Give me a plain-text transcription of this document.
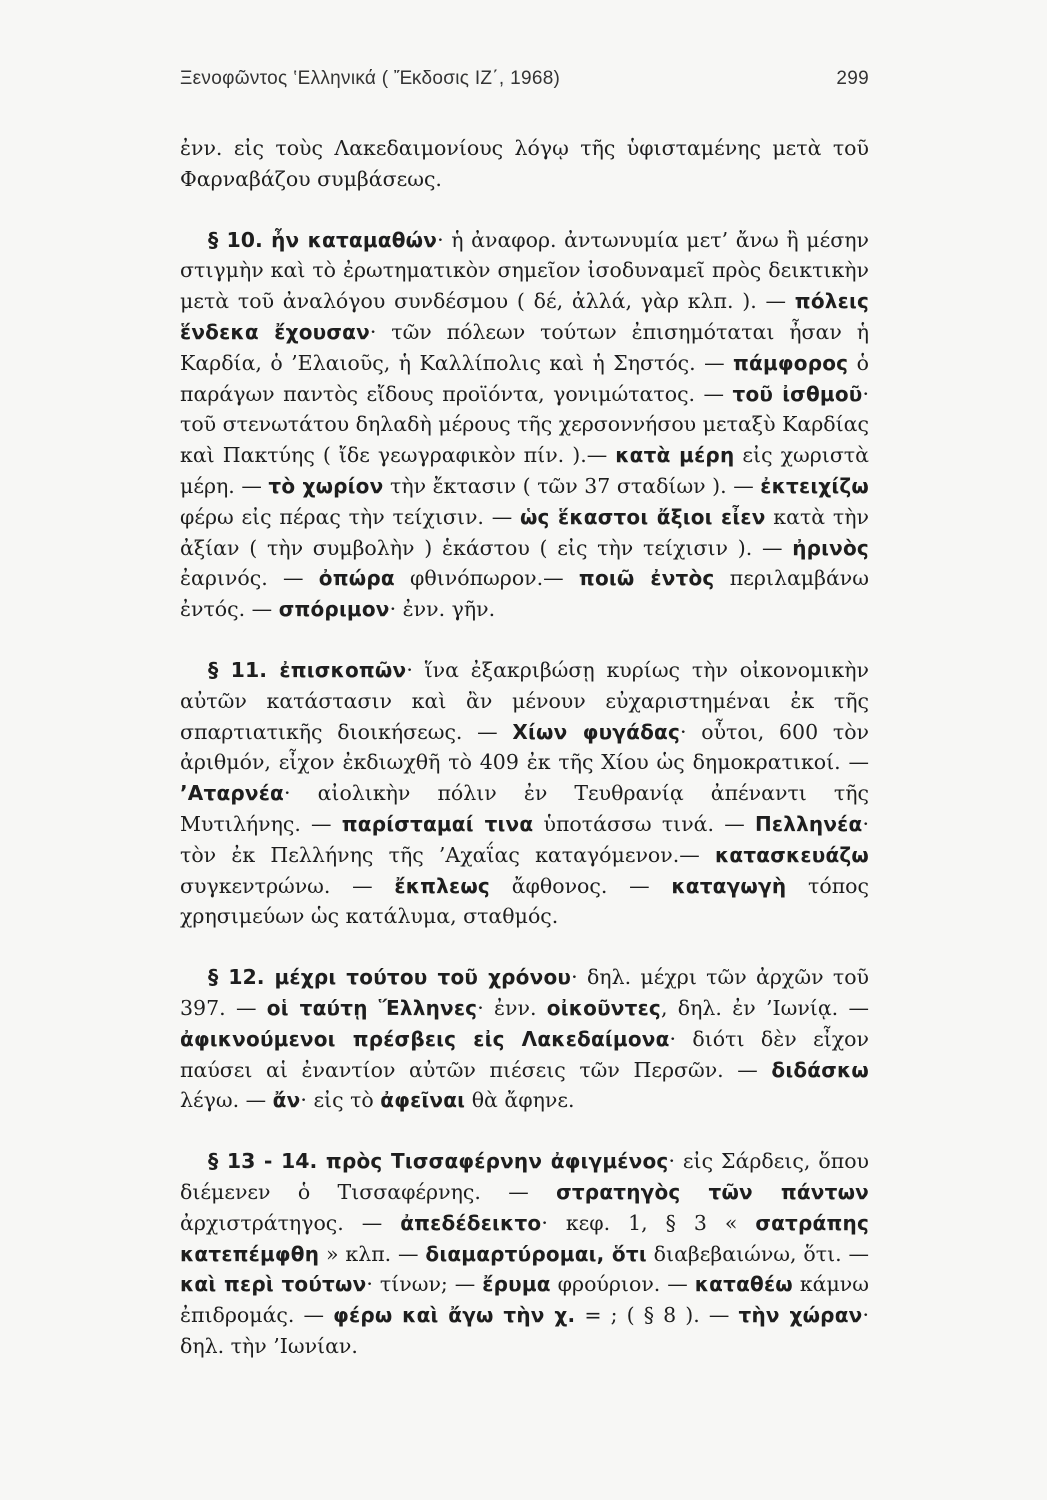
Ξενοφῶντος ‛Ελληνικά ( Ἔκδοσις ΙΖ΄, 1968)	299

ἐνν. εἰς τοὺς Λακεδαιμονίους λόγῳ τῆς ὑφισταμένης μετὰ τοῦ Φαρναβάζου συμβάσεως.

§ 10. ἦν καταμαθών· ἡ ἀναφορ. ἀντωνυμία μετ’ ἄνω ἢ μέσην στιγμὴν καὶ τὸ ἐρωτηματικὸν σημεῖον ἰσοδυναμεῖ πρὸς δεικτικὴν μετὰ τοῦ ἀναλόγου συνδέσμου ( δέ, ἀλλά, γὰρ κλπ. ). — πόλεις ἕνδεκα ἔχουσαν· τῶν πόλεων τούτων ἐπισημόταται ἦσαν ἡ Καρδία, ὁ ’Ελαιοῦς, ἡ Καλλίπολις καὶ ἡ Σηστός. — πάμφορος ὁ παράγων παντὸς εἴδους προϊόντα, γονιμώτατος. — τοῦ ἰσθμοῦ· τοῦ στενωτάτου δηλαδὴ μέρους τῆς χερσοννήσου μεταξὺ Καρδίας καὶ Πακτύης ( ἴδε γεωγραφικὸν πίν. ).— κατὰ μέρη εἰς χωριστὰ μέρη. — τὸ χωρίον τὴν ἔκτασιν ( τῶν 37 σταδίων ). — ἐκτειχίζω φέρω εἰς πέρας τὴν τείχισιν. — ὡς ἕκαστοι ἄξιοι εἶεν κατὰ τὴν ἀξίαν ( τὴν συμβολὴν ) ἑκάστου ( εἰς τὴν τείχισιν ). — ἠρινὸς ἐαρινός. — ὀπώρα φθινόπωρον.— ποιῶ ἐντὸς περιλαμβάνω ἐντός. — σπόριμον· ἐνν. γῆν.

§ 11. ἐπισκοπῶν· ἵνα ἐξακριβώσῃ κυρίως τὴν οἰκονομικὴν αὐτῶν κατάστασιν καὶ ἂν μένουν εὐχαριστημέναι ἐκ τῆς σπαρτιατικῆς διοικήσεως. — Χίων φυγάδας· οὗτοι, 600 τὸν ἀριθμόν, εἶχον ἐκδιωχθῆ τὸ 409 ἐκ τῆς Χίου ὡς δημοκρατικοί. — ’Αταρνέα· αἰολικὴν πόλιν ἐν Τευθρανίᾳ ἀπέναντι τῆς Μυτιλήνης. — παρίσταμαί τινα ὑποτάσσω τινά. — Πελληνέα· τὸν ἐκ Πελλήνης τῆς ’Αχαΐας καταγόμενον.— κατασκευάζω συγκεντρώνω. — ἔκπλεως ἄφθονος. — καταγωγὴ τόπος χρησιμεύων ὡς κατάλυμα, σταθμός.

§ 12. μέχρι τούτου τοῦ χρόνου· δηλ. μέχρι τῶν ἀρχῶν τοῦ 397. — οἱ ταύτῃ Ἕλληνες· ἐνν. οἰκοῦντες, δηλ. ἐν ’Ιωνίᾳ. — ἀφικνούμενοι πρέσβεις εἰς Λακεδαίμονα· διότι δὲν εἶχον παύσει αἱ ἐναντίον αὐτῶν πιέσεις τῶν Περσῶν. — διδάσκω λέγω. — ἄν· εἰς τὸ ἀφεῖναι θὰ ἄφηνε.

§ 13 - 14. πρὸς Τισσαφέρνην ἀφιγμένος· εἰς Σάρδεις, ὅπου διέμενεν ὁ Τισσαφέρνης. — στρατηγὸς τῶν πάντων ἀρχιστράτηγος. — ἀπεδέδεικτο· κεφ. 1, § 3 « σατράπης κατεπέμφθη » κλπ. — διαμαρτύρομαι, ὅτι διαβεβαιώνω, ὅτι. — καὶ περὶ τούτων· τίνων; — ἔρυμα φρούριον. — καταθέω κάμνω ἐπιδρομάς. — φέρω καὶ ἄγω τὴν χ. = ; ( § 8 ). — τὴν χώραν· δηλ. τὴν ’Ιωνίαν.
